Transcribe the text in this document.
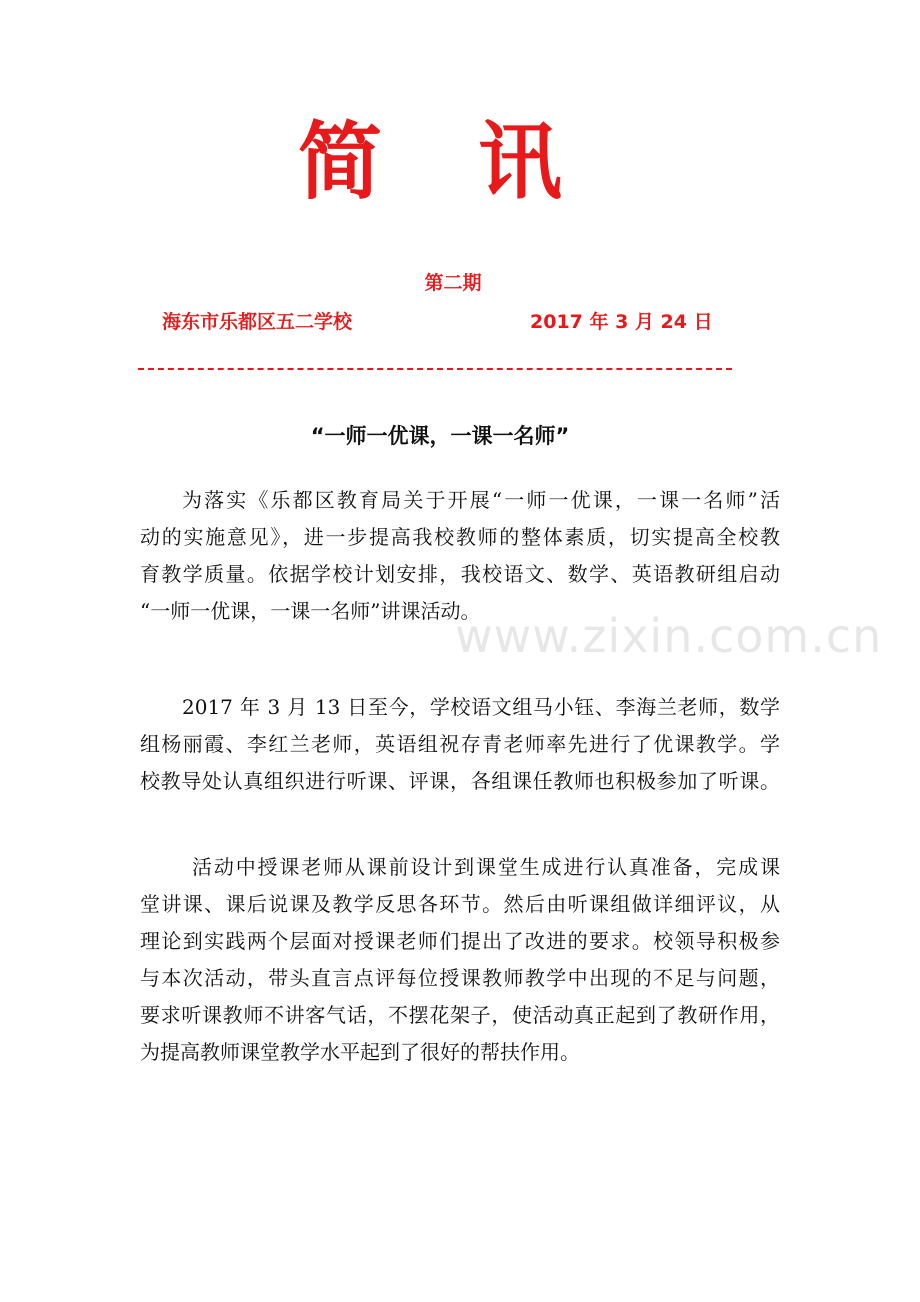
简 讯
第二期
海东市乐都区五二学校	2017 年 3 月 24 日
“一师一优课，一课一名师”
为落实《乐都区教育局关于开展“一师一优课，一课一名师”活
动的实施意见》，进一步提高我校教师的整体素质，切实提高全校教
育教学质量。依据学校计划安排，我校语文、数学、英语教研组启动
“一师一优课，一课一名师”讲课活动。
2017 年 3 月 13 日至今，学校语文组马小钰、李海兰老师，数学
组杨丽霞、李红兰老师，英语组祝存青老师率先进行了优课教学。学
校教导处认真组织进行听课、评课，各组课任教师也积极参加了听课。
活动中授课老师从课前设计到课堂生成进行认真准备，完成课
堂讲课、课后说课及教学反思各环节。然后由听课组做详细评议，从
理论到实践两个层面对授课老师们提出了改进的要求。校领导积极参
与本次活动，带头直言点评每位授课教师教学中出现的不足与问题，
要求听课教师不讲客气话，不摆花架子，使活动真正起到了教研作用，
为提高教师课堂教学水平起到了很好的帮扶作用。
www.zixin.com.cn
